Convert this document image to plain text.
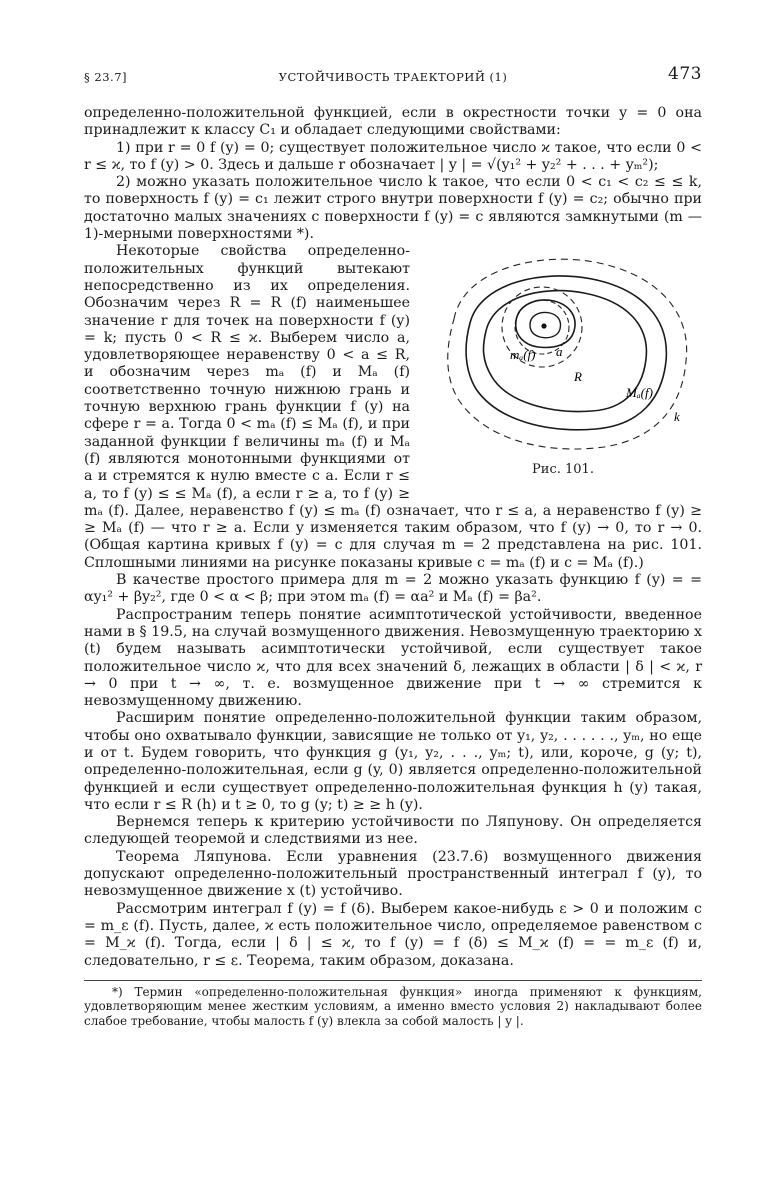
§ 23.7]	УСТОЙЧИВОСТЬ ТРАЕКТОРИЙ (1)	473

определенно-положительной функцией, если в окрестности точки y = 0 она принадлежит к классу C₁ и обладает следующими свойствами:

1) при r = 0 f (y) = 0; существует положительное число ϰ такое, что если 0 < r ≤ ϰ, то f (y) > 0. Здесь и дальше r обозначает | y | = √(y₁² + y₂² + . . . + yₘ²);

2) можно указать положительное число k такое, что если 0 < c₁ < c₂ ≤ ≤ k, то поверхность f (y) = c₁ лежит строго внутри поверхности f (y) = c₂; обычно при достаточно малых значениях c поверхности f (y) = c являются замкнутыми (m — 1)-мерными поверхностями *).

mₐ(f) a
R
Mₐ(f)
k
Рис. 101.

Некоторые свойства определенно-положительных функций вытекают непосредственно из их определения. Обозначим через R = R (f) наименьшее значение r для точек на поверхности f (y) = k; пусть 0 < R ≤ ϰ. Выберем число a, удовлетворяющее неравенству 0 < a ≤ R, и обозначим через mₐ (f) и Mₐ (f) соответственно точную нижнюю грань и точную верхнюю грань функции f (y) на сфере r = a. Тогда 0 < mₐ (f) ≤ Mₐ (f), и при заданной функции f величины mₐ (f) и Mₐ (f) являются монотонными функциями от a и стремятся к нулю вместе с a. Если r ≤ a, то f (y) ≤ ≤ Mₐ (f), а если r ≥ a, то f (y) ≥ mₐ (f). Далее, неравенство f (y) ≤ mₐ (f) означает, что r ≤ a, а неравенство f (y) ≥ ≥ Mₐ (f) — что r ≥ a. Если y изменяется таким образом, что f (y) → 0, то r → 0. (Общая картина кривых f (y) = c для случая m = 2 представлена на рис. 101. Сплошными линиями на рисунке показаны кривые c = mₐ (f) и c = Mₐ (f).)

В качестве простого примера для m = 2 можно указать функцию f (y) = = αy₁² + βy₂², где 0 < α < β; при этом mₐ (f) = αa² и Mₐ (f) = βa².

Распространим теперь понятие асимптотической устойчивости, введенное нами в § 19.5, на случай возмущенного движения. Невозмущенную траекторию x (t) будем называть асимптотически устойчивой, если существует такое положительное число ϰ, что для всех значений δ, лежащих в области | δ | < ϰ, r → 0 при t → ∞, т. е. возмущенное движение при t → ∞ стремится к невозмущенному движению.

Расширим понятие определенно-положительной функции таким образом, чтобы оно охватывало функции, зависящие не только от y₁, y₂, . . . . . ., yₘ, но еще и от t. Будем говорить, что функция g (y₁, y₂, . . ., yₘ; t), или, короче, g (y; t), определенно-положительная, если g (y, 0) является определенно-положительной функцией и если существует определенно-положительная функция h (y) такая, что если r ≤ R (h) и t ≥ 0, то g (y; t) ≥ ≥ h (y).

Вернемся теперь к критерию устойчивости по Ляпунову. Он определяется следующей теоремой и следствиями из нее.

Теорема Ляпунова. Если уравнения (23.7.6) возмущенного движения допускают определенно-положительный пространственный интеграл f (y), то невозмущенное движение x (t) устойчиво.

Рассмотрим интеграл f (y) = f (δ). Выберем какое-нибудь ε > 0 и положим c = m_ε (f). Пусть, далее, ϰ есть положительное число, определяемое равенством c = M_ϰ (f). Тогда, если | δ | ≤ ϰ, то f (y) = f (δ) ≤ M_ϰ (f) = = m_ε (f) и, следовательно, r ≤ ε. Теорема, таким образом, доказана.

*) Термин «определенно-положительная функция» иногда применяют к функциям, удовлетворяющим менее жестким условиям, а именно вместо условия 2) накладывают более слабое требование, чтобы малость f (y) влекла за собой малость | y |.
